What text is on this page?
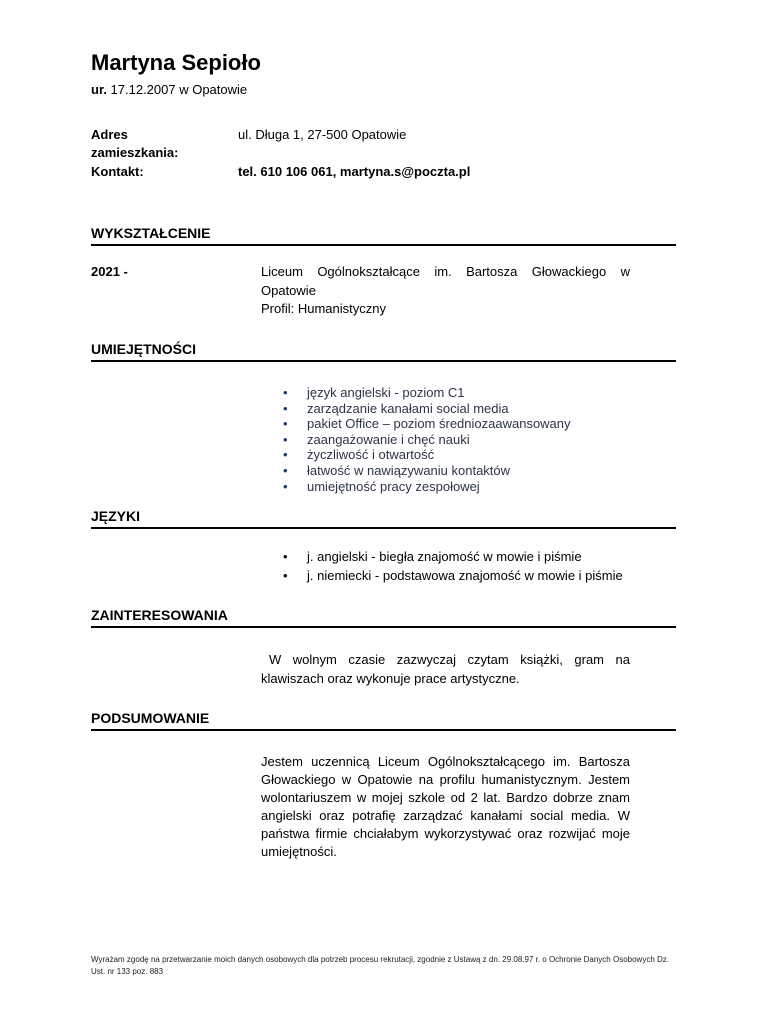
Martyna Sepioło
ur. 17.12.2007 w Opatowie
Adres
zamieszkania:
ul. Długa 1, 27-500 Opatowie
Kontakt:	tel. 610 106 061, martyna.s@poczta.pl
WYKSZTAŁCENIE
2021 -	Liceum Ogólnokształcące im. Bartosza Głowackiego w Opatowie
Profil: Humanistyczny
UMIEJĘTNOŚCI
• język angielski - poziom C1
• zarządzanie kanałami social media
• pakiet Office – poziom średniozaawansowany
• zaangażowanie i chęć nauki
• życzliwość i otwartość
• łatwość w nawiązywaniu kontaktów
• umiejętność pracy zespołowej
JĘZYKI
• j. angielski - biegła znajomość w mowie i piśmie
• j. niemiecki - podstawowa znajomość w mowie i piśmie
ZAINTERESOWANIA
W wolnym czasie zazwyczaj czytam książki, gram na klawiszach oraz wykonuje prace artystyczne.
PODSUMOWANIE
Jestem uczennicą Liceum Ogólnokształcącego im. Bartosza Głowackiego w Opatowie na profilu humanistycznym. Jestem wolontariuszem w mojej szkole od 2 lat. Bardzo dobrze znam angielski oraz potrafię zarządzać kanałami social media. W państwa firmie chciałabym wykorzystywać oraz rozwijać moje umiejętności.
Wyrażam zgodę na przetwarzanie moich danych osobowych dla potrzeb procesu rekrutacji, zgodnie z Ustawą z dn. 29.08.97 r. o Ochronie Danych Osobowych Dz. Ust. nr 133 poz. 883
